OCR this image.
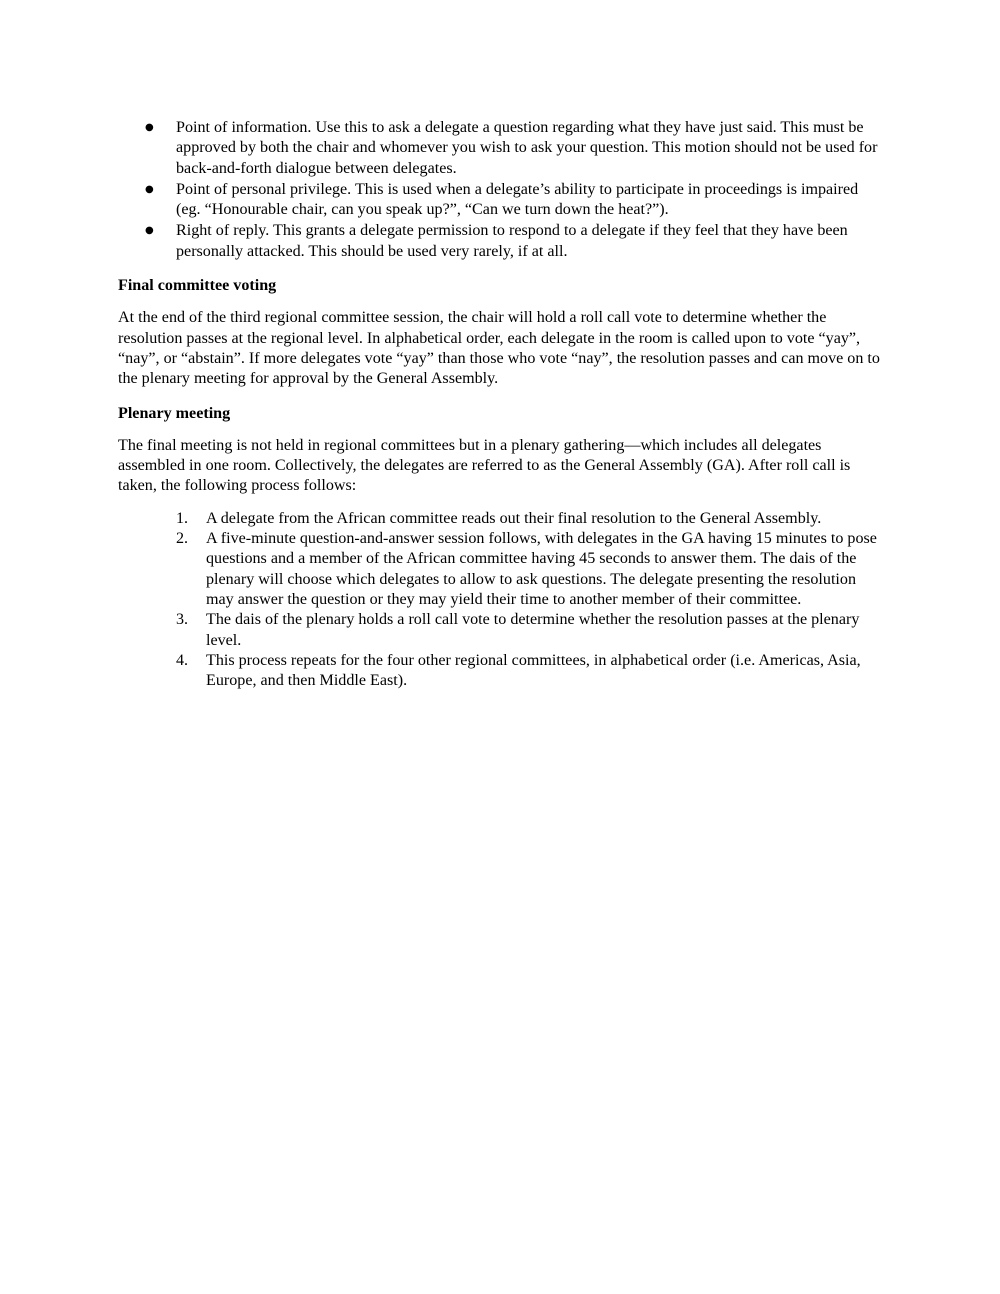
● Point of information. Use this to ask a delegate a question regarding what they have just said. This must be approved by both the chair and whomever you wish to ask your question. This motion should not be used for back-and-forth dialogue between delegates.
● Point of personal privilege. This is used when a delegate’s ability to participate in proceedings is impaired (eg. “Honourable chair, can you speak up?”, “Can we turn down the heat?”).
● Right of reply. This grants a delegate permission to respond to a delegate if they feel that they have been personally attacked. This should be used very rarely, if at all.
Final committee voting

At the end of the third regional committee session, the chair will hold a roll call vote to determine whether the resolution passes at the regional level. In alphabetical order, each delegate in the room is called upon to vote “yay”, “nay”, or “abstain”. If more delegates vote “yay” than those who vote “nay”, the resolution passes and can move on to the plenary meeting for approval by the General Assembly.

Plenary meeting

The final meeting is not held in regional committees but in a plenary gathering—which includes all delegates assembled in one room. Collectively, the delegates are referred to as the General Assembly (GA). After roll call is taken, the following process follows:

1. A delegate from the African committee reads out their final resolution to the General Assembly.
2. A five-minute question-and-answer session follows, with delegates in the GA having 15 minutes to pose questions and a member of the African committee having 45 seconds to answer them. The dais of the plenary will choose which delegates to allow to ask questions. The delegate presenting the resolution may answer the question or they may yield their time to another member of their committee.
3. The dais of the plenary holds a roll call vote to determine whether the resolution passes at the plenary level.
4. This process repeats for the four other regional committees, in alphabetical order (i.e. Americas, Asia, Europe, and then Middle East).
